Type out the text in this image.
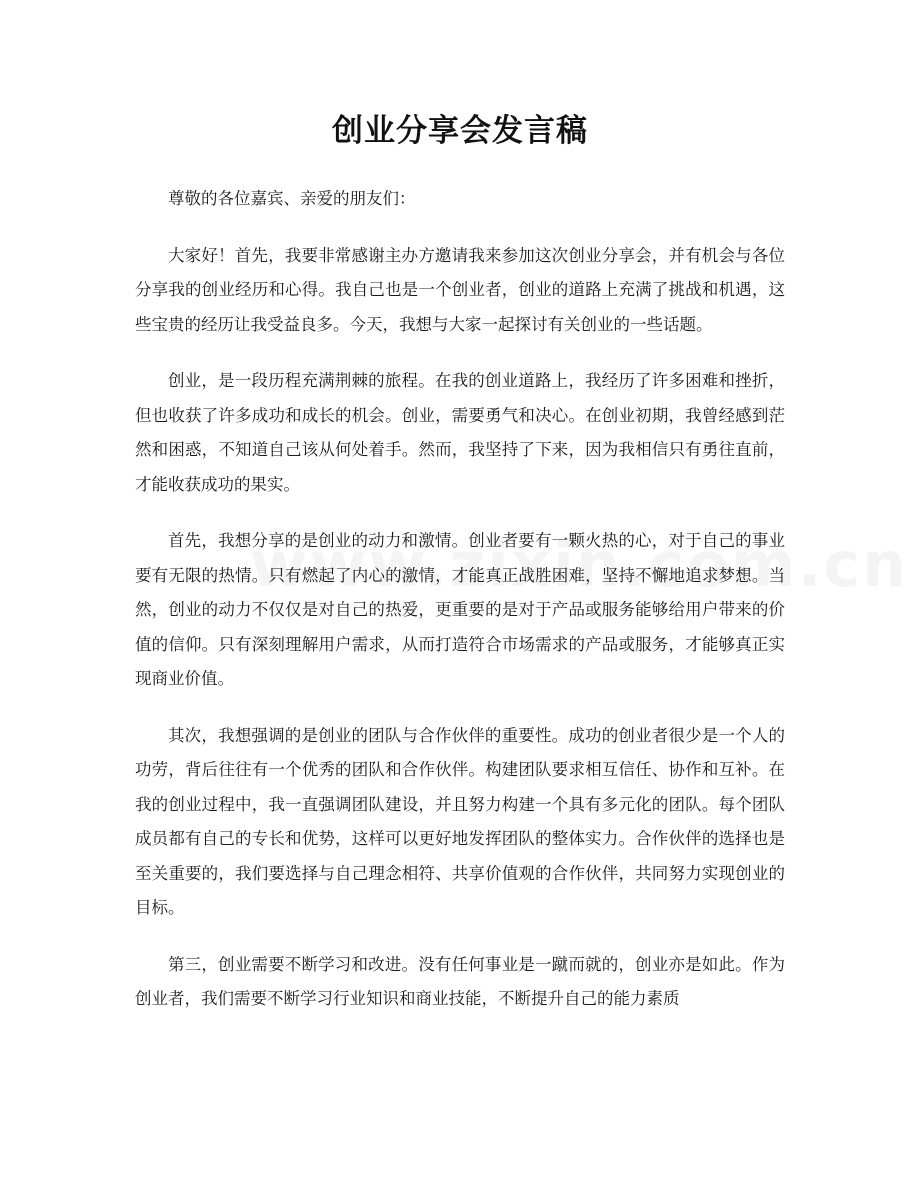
创业分享会发言稿

尊敬的各位嘉宾、亲爱的朋友们：

大家好！首先，我要非常感谢主办方邀请我来参加这次创业分享会，并有机会与各位分享我的创业经历和心得。我自己也是一个创业者，创业的道路上充满了挑战和机遇，这些宝贵的经历让我受益良多。今天，我想与大家一起探讨有关创业的一些话题。

创业，是一段历程充满荆棘的旅程。在我的创业道路上，我经历了许多困难和挫折，但也收获了许多成功和成长的机会。创业，需要勇气和决心。在创业初期，我曾经感到茫然和困惑，不知道自己该从何处着手。然而，我坚持了下来，因为我相信只有勇往直前，才能收获成功的果实。

首先，我想分享的是创业的动力和激情。创业者要有一颗火热的心，对于自己的事业要有无限的热情。只有燃起了内心的激情，才能真正战胜困难，坚持不懈地追求梦想。当然，创业的动力不仅仅是对自己的热爱，更重要的是对于产品或服务能够给用户带来的价值的信仰。只有深刻理解用户需求，从而打造符合市场需求的产品或服务，才能够真正实现商业价值。

其次，我想强调的是创业的团队与合作伙伴的重要性。成功的创业者很少是一个人的功劳，背后往往有一个优秀的团队和合作伙伴。构建团队要求相互信任、协作和互补。在我的创业过程中，我一直强调团队建设，并且努力构建一个具有多元化的团队。每个团队成员都有自己的专长和优势，这样可以更好地发挥团队的整体实力。合作伙伴的选择也是至关重要的，我们要选择与自己理念相符、共享价值观的合作伙伴，共同努力实现创业的目标。

第三，创业需要不断学习和改进。没有任何事业是一蹴而就的，创业亦是如此。作为创业者，我们需要不断学习行业知识和商业技能，不断提升自己的能力素质
